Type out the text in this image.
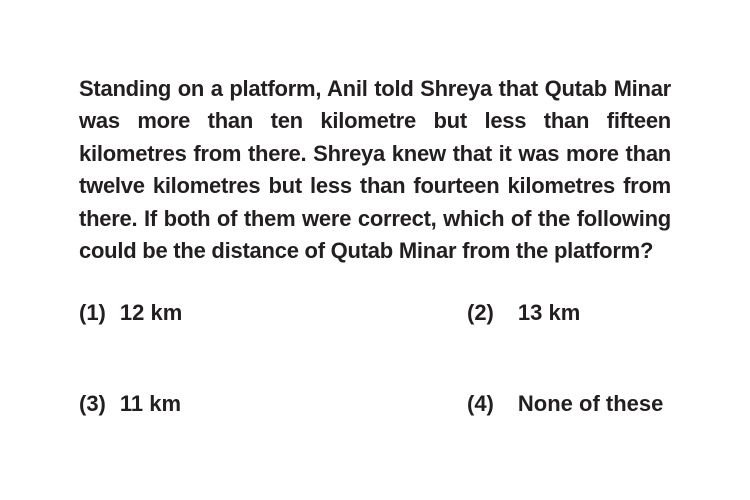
Standing on a platform, Anil told Shreya that Qutab Minar was more than ten kilometre but less than fifteen kilometres from there. Shreya knew that it was more than twelve kilometres but less than fourteen kilometres from there. If both of them were correct, which of the following could be the distance of Qutab Minar from the platform?

(1) 12 km	(2) 13 km
(3) 11 km	(4) None of these
